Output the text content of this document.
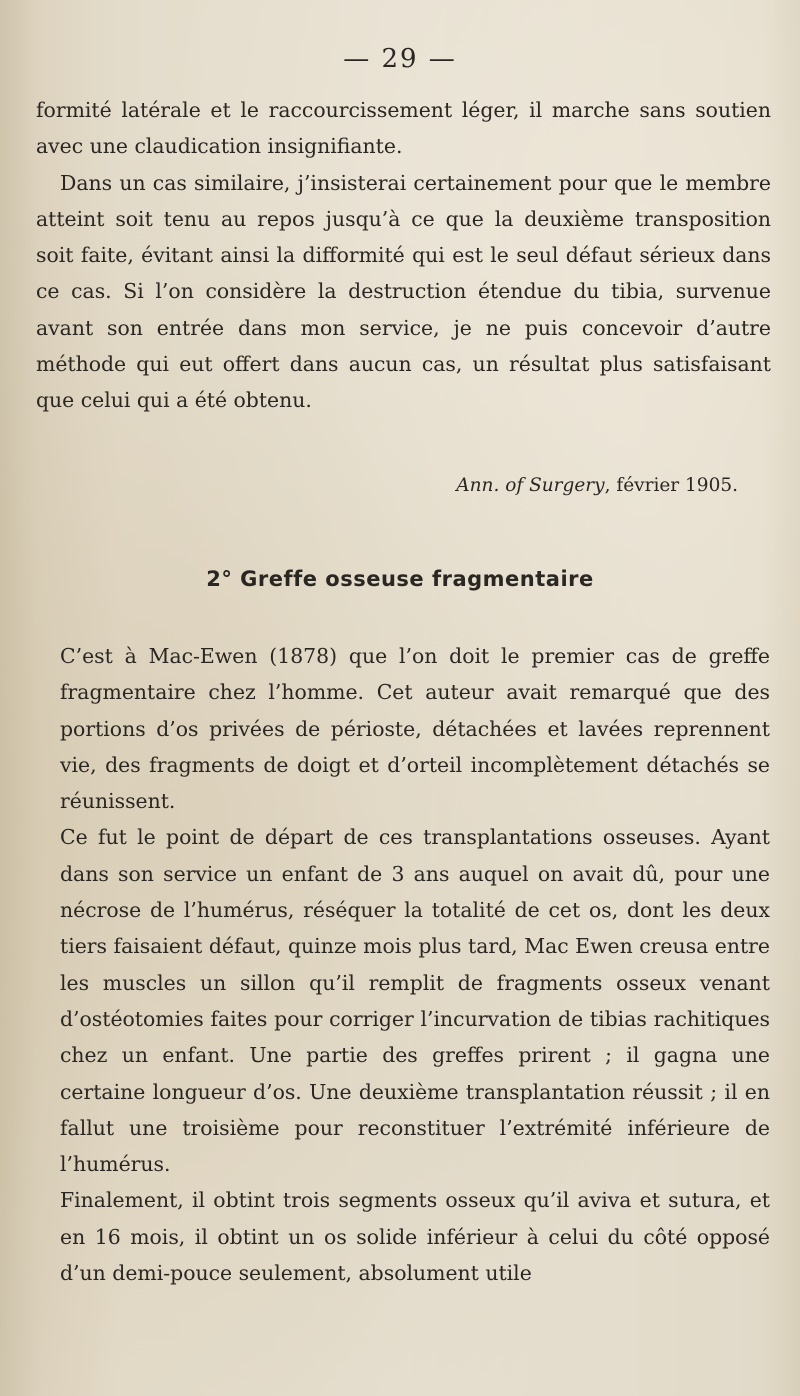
— 29 —

formité latérale et le raccourcissement léger, il marche sans soutien avec une claudication insignifiante.

Dans un cas similaire, j’insisterai certainement pour que le membre atteint soit tenu au repos jusqu’à ce que la deuxième transposition soit faite, évitant ainsi la difformité qui est le seul défaut sérieux dans ce cas. Si l’on considère la destruction étendue du tibia, survenue avant son entrée dans mon service, je ne puis concevoir d’autre méthode qui eut offert dans aucun cas, un résultat plus satisfaisant que celui qui a été obtenu.

Ann. of Surgery, février 1905.
2° Greffe osseuse fragmentaire

C’est à Mac-Ewen (1878) que l’on doit le premier cas de greffe fragmentaire chez l’homme. Cet auteur avait remarqué que des portions d’os privées de périoste, détachées et lavées reprennent vie, des fragments de doigt et d’orteil incomplètement détachés se réunissent.

Ce fut le point de départ de ces transplantations osseuses. Ayant dans son service un enfant de 3 ans auquel on avait dû, pour une nécrose de l’humérus, réséquer la totalité de cet os, dont les deux tiers faisaient défaut, quinze mois plus tard, Mac Ewen creusa entre les muscles un sillon qu’il remplit de fragments osseux venant d’ostéotomies faites pour corriger l’incurvation de tibias rachitiques chez un enfant. Une partie des greffes prirent ; il gagna une certaine longueur d’os. Une deuxième transplantation réussit ; il en fallut une troisième pour reconstituer l’extrémité inférieure de l’humérus.

Finalement, il obtint trois segments osseux qu’il aviva et sutura, et en 16 mois, il obtint un os solide inférieur à celui du côté opposé d’un demi-pouce seulement, absolument utile
